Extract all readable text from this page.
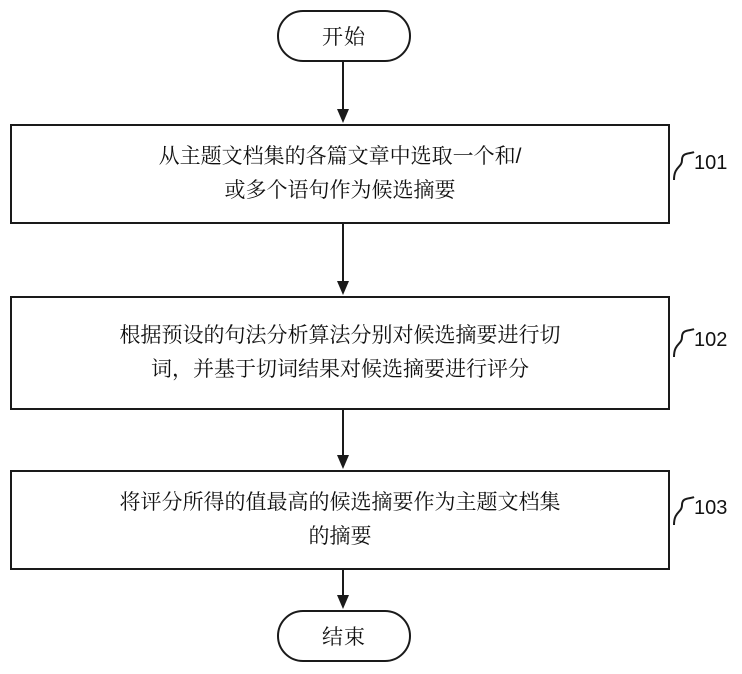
开始
从主题文档集的各篇文章中选取一个和/
或多个语句作为候选摘要
101
根据预设的句法分析算法分别对候选摘要进行切
词，并基于切词结果对候选摘要进行评分
102
将评分所得的值最高的候选摘要作为主题文档集
的摘要
103
结束
